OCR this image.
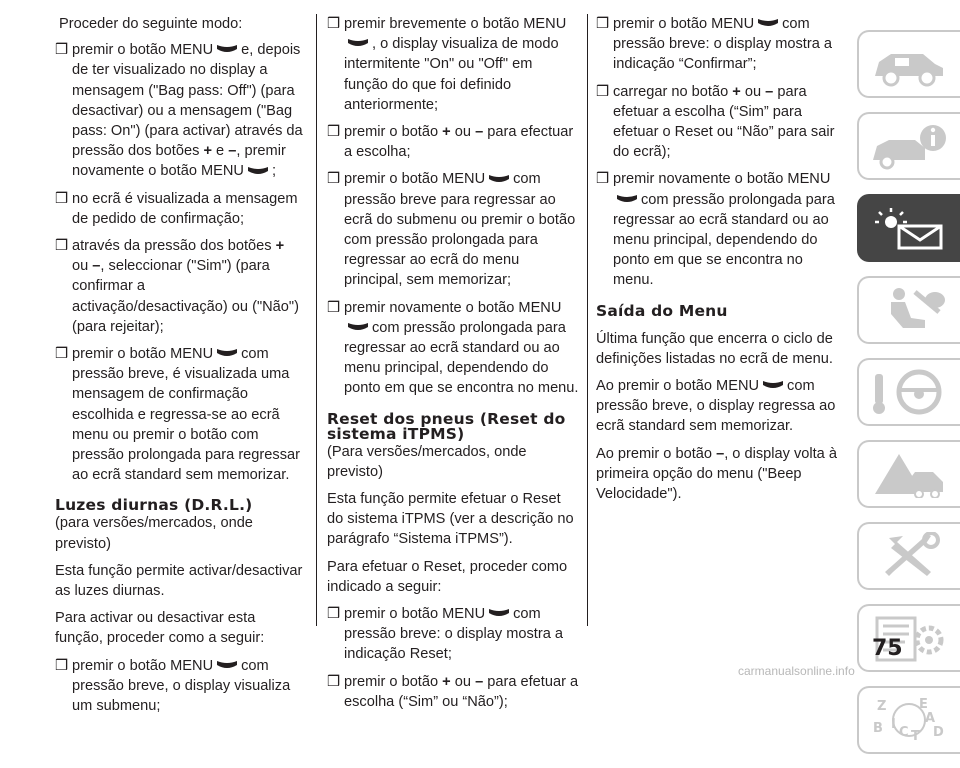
Proceder do seguinte modo:
❒ premir o botão MENU e, depois de ter visualizado no display a mensagem ("Bag pass: Off") (para desactivar) ou a mensagem ("Bag pass: On") (para activar) através da pressão dos botões + e –, premir novamente o botão MENU ;
❒ no ecrã é visualizada a mensagem de pedido de confirmação;
❒ através da pressão dos botões + ou –, seleccionar ("Sim") (para confirmar a activação/desactivação) ou ("Não") (para rejeitar);
❒ premir o botão MENU com pressão breve, é visualizada uma mensagem de confirmação escolhida e regressa-se ao ecrã menu ou premir o botão com pressão prolongada para regressar ao ecrã standard sem memorizar.
Luzes diurnas (D.R.L.)
(para versões/mercados, onde previsto)
Esta função permite activar/desactivar as luzes diurnas.
Para activar ou desactivar esta função, proceder como a seguir:
❒ premir o botão MENU com pressão breve, o display visualiza um submenu;
❒ premir brevemente o botão MENU
, o display visualiza de modo intermitente "On" ou "Off" em função do que foi definido anteriormente;
❒ premir o botão + ou – para efectuar a escolha;
❒ premir o botão MENU com pressão breve para regressar ao ecrã do submenu ou premir o botão com pressão prolongada para regressar ao ecrã do menu principal, sem memorizar;
❒ premir novamente o botão MENU
com pressão prolongada para regressar ao ecrã standard ou ao menu principal, dependendo do ponto em que se encontra no menu.
Reset dos pneus (Reset do sistema iTPMS)
(Para versões/mercados, onde previsto)
Esta função permite efetuar o Reset do sistema iTPMS (ver a descrição no parágrafo “Sistema iTPMS”).
Para efetuar o Reset, proceder como indicado a seguir:
❒ premir o botão MENU com pressão breve: o display mostra a indicação Reset;
❒ premir o botão + ou – para efetuar a escolha (“Sim” ou “Não”);
❒ premir o botão MENU com pressão breve: o display mostra a indicação “Confirmar”;
❒ carregar no botão + ou – para efetuar a escolha (“Sim” para efetuar o Reset ou “Não” para sair do ecrã);
❒ premir novamente o botão MENU
com pressão prolongada para regressar ao ecrã standard ou ao menu principal, dependendo do ponto em que se encontra no menu.
Saída do Menu
Última função que encerra o ciclo de definições listadas no ecrã de menu.
Ao premir o botão MENU com pressão breve, o display regressa ao ecrã standard sem memorizar.
Ao premir o botão –, o display volta à primeira opção do menu ("Beep Velocidade").
Z	E
A
B I
C T D
75
carmanualsonline.info
